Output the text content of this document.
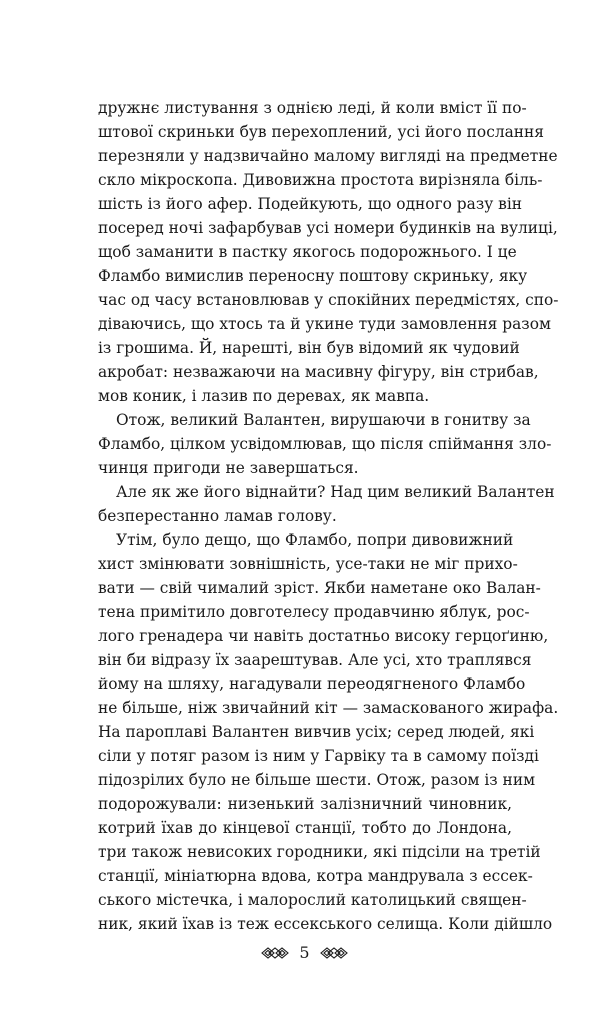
дружнє листування з однією леді, й коли вміст її по-
штової скриньки був перехоплений, усі його послання
перезняли у надзвичайно малому вигляді на предметне
скло мікроскопа. Дивовижна простота вирізняла біль-
шість із його афер. Подейкують, що одного разу він
посеред ночі зафарбував усі номери будинків на вулиці,
щоб заманити в пастку якогось подорожнього. І це
Фламбо вимислив переносну поштову скриньку, яку
час од часу встановлював у спокійних передмістях, спо-
діваючись, що хтось та й укине туди замовлення разом
із грошима. Й, нарешті, він був відомий як чудовий
акробат: незважаючи на масивну фігуру, він стрибав,
мов коник, і лазив по деревах, як мавпа.
Отож, великий Валантен, вирушаючи в гонитву за
Фламбо, цілком усвідомлював, що після спіймання зло-
чинця пригоди не завершаться.
Але як же його віднайти? Над цим великий Валантен
безперестанно ламав голову.
Утім, було дещо, що Фламбо, попри дивовижний
хист змінювати зовнішність, усе-таки не міг прихо-
вати — свій чималий зріст. Якби наметане око Валан-
тена примітило довготелесу продавчиню яблук, рос-
лого гренадера чи навіть достатньо високу герцоґиню,
він би відразу їх заарештував. Але усі, хто траплявся
йому на шляху, нагадували переодягненого Фламбо
не більше, ніж звичайний кіт — замаскованого жирафа.
На пароплаві Валантен вивчив усіх; серед людей, які
сіли у потяг разом із ним у Гарвіку та в самому поїзді
підозрілих було не більше шести. Отож, разом із ним
подорожували: низенький залізничний чиновник,
котрий їхав до кінцевої станції, тобто до Лондона,
три також невисоких городники, які підсіли на третій
станції, мініатюрна вдова, котра мандрувала з ессек-
ського містечка, і малорослий католицький священ-
ник, який їхав із теж ессекського селища. Коли дійшло
5
